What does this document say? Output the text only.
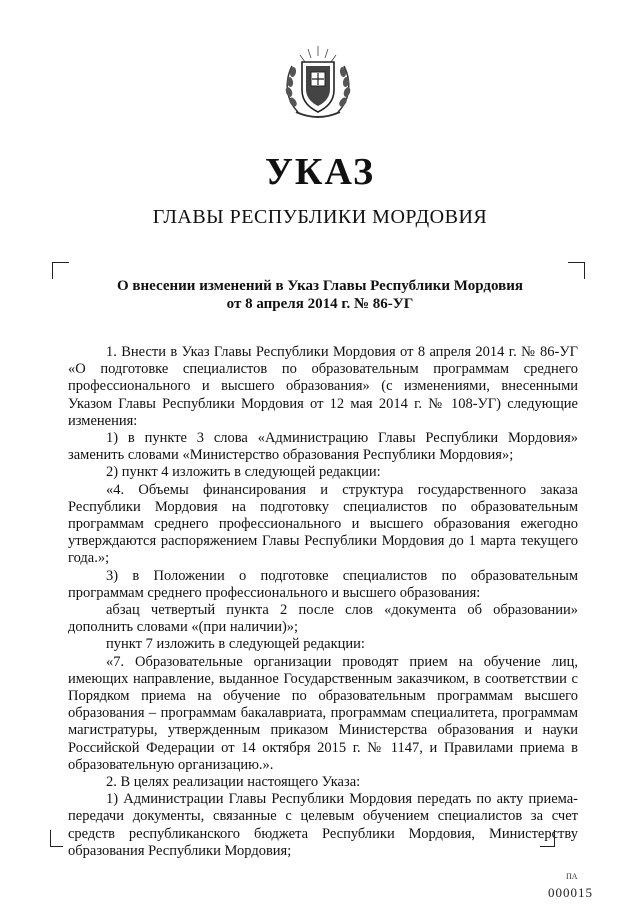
УКАЗ
ГЛАВЫ РЕСПУБЛИКИ МОРДОВИЯ
О внесении изменений в Указ Главы Республики Мордовия
от 8 апреля 2014 г. № 86-УГ

1. Внести в Указ Главы Республики Мордовия от 8 апреля 2014 г. № 86-УГ «О подготовке специалистов по образовательным программам среднего профессионального и высшего образования» (с изменениями, внесенными Указом Главы Республики Мордовия от 12 мая 2014 г. № 108-УГ) следующие изменения:

1) в пункте 3 слова «Администрацию Главы Республики Мордовия» заменить словами «Министерство образования Республики Мордовия»;

2) пункт 4 изложить в следующей редакции:

«4. Объемы финансирования и структура государственного заказа Республики Мордовия на подготовку специалистов по образовательным программам среднего профессионального и высшего образования ежегодно утверждаются распоряжением Главы Республики Мордовия до 1 марта текущего года.»;

3) в Положении о подготовке специалистов по образовательным программам среднего профессионального и высшего образования:

абзац четвертый пункта 2 после слов «документа об образовании» дополнить словами «(при наличии)»;

пункт 7 изложить в следующей редакции:

«7. Образовательные организации проводят прием на обучение лиц, имеющих направление, выданное Государственным заказчиком, в соответствии с Порядком приема на обучение по образовательным программам высшего образования – программам бакалавриата, программам специалитета, программам магистратуры, утвержденным приказом Министерства образования и науки Российской Федерации от 14 октября 2015 г. № 1147, и Правилами приема в образовательную организацию.».

2. В целях реализации настоящего Указа:

1) Администрации Главы Республики Мордовия передать по акту приема-передачи документы, связанные с целевым обучением специалистов за счет средств республиканского бюджета Республики Мордовия, Министерству образования Республики Мордовия;

ПА
000015
